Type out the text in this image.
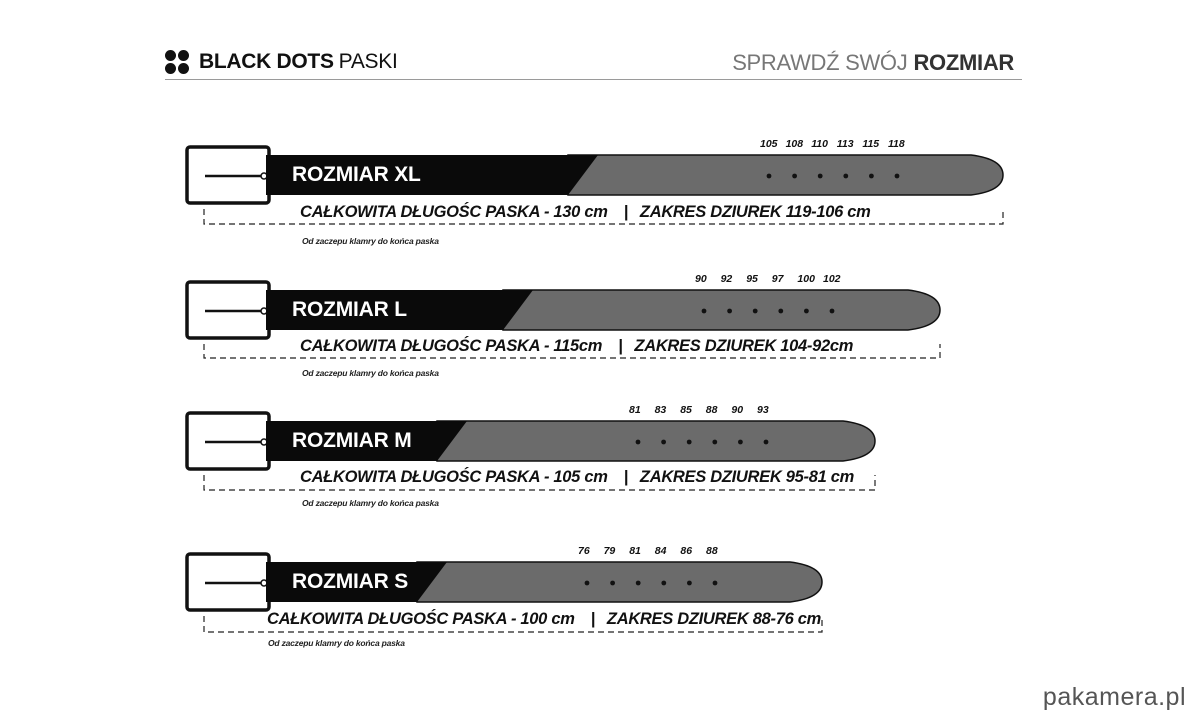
BLACK DOTS PASKI	SPRAWDŹ SWÓJ ROZMIAR
ROZMIAR XL
105 108 110 113 115 118
CAŁKOWITA DŁUGOŚC PASKA - 130 cm | ZAKRES DZIUREK 119-106 cm
Od zaczepu klamry do końca paska
ROZMIAR L
90 92 95 97 100 102
CAŁKOWITA DŁUGOŚC PASKA - 115cm | ZAKRES DZIUREK 104-92cm
Od zaczepu klamry do końca paska
ROZMIAR M
81 83 85 88 90 93
CAŁKOWITA DŁUGOŚC PASKA - 105 cm | ZAKRES DZIUREK 95-81 cm
Od zaczepu klamry do końca paska
ROZMIAR S
76 79 81 84 86 88
CAŁKOWITA DŁUGOŚC PASKA - 100 cm | ZAKRES DZIUREK 88-76 cm
Od zaczepu klamry do końca paska
pakamera.pl
